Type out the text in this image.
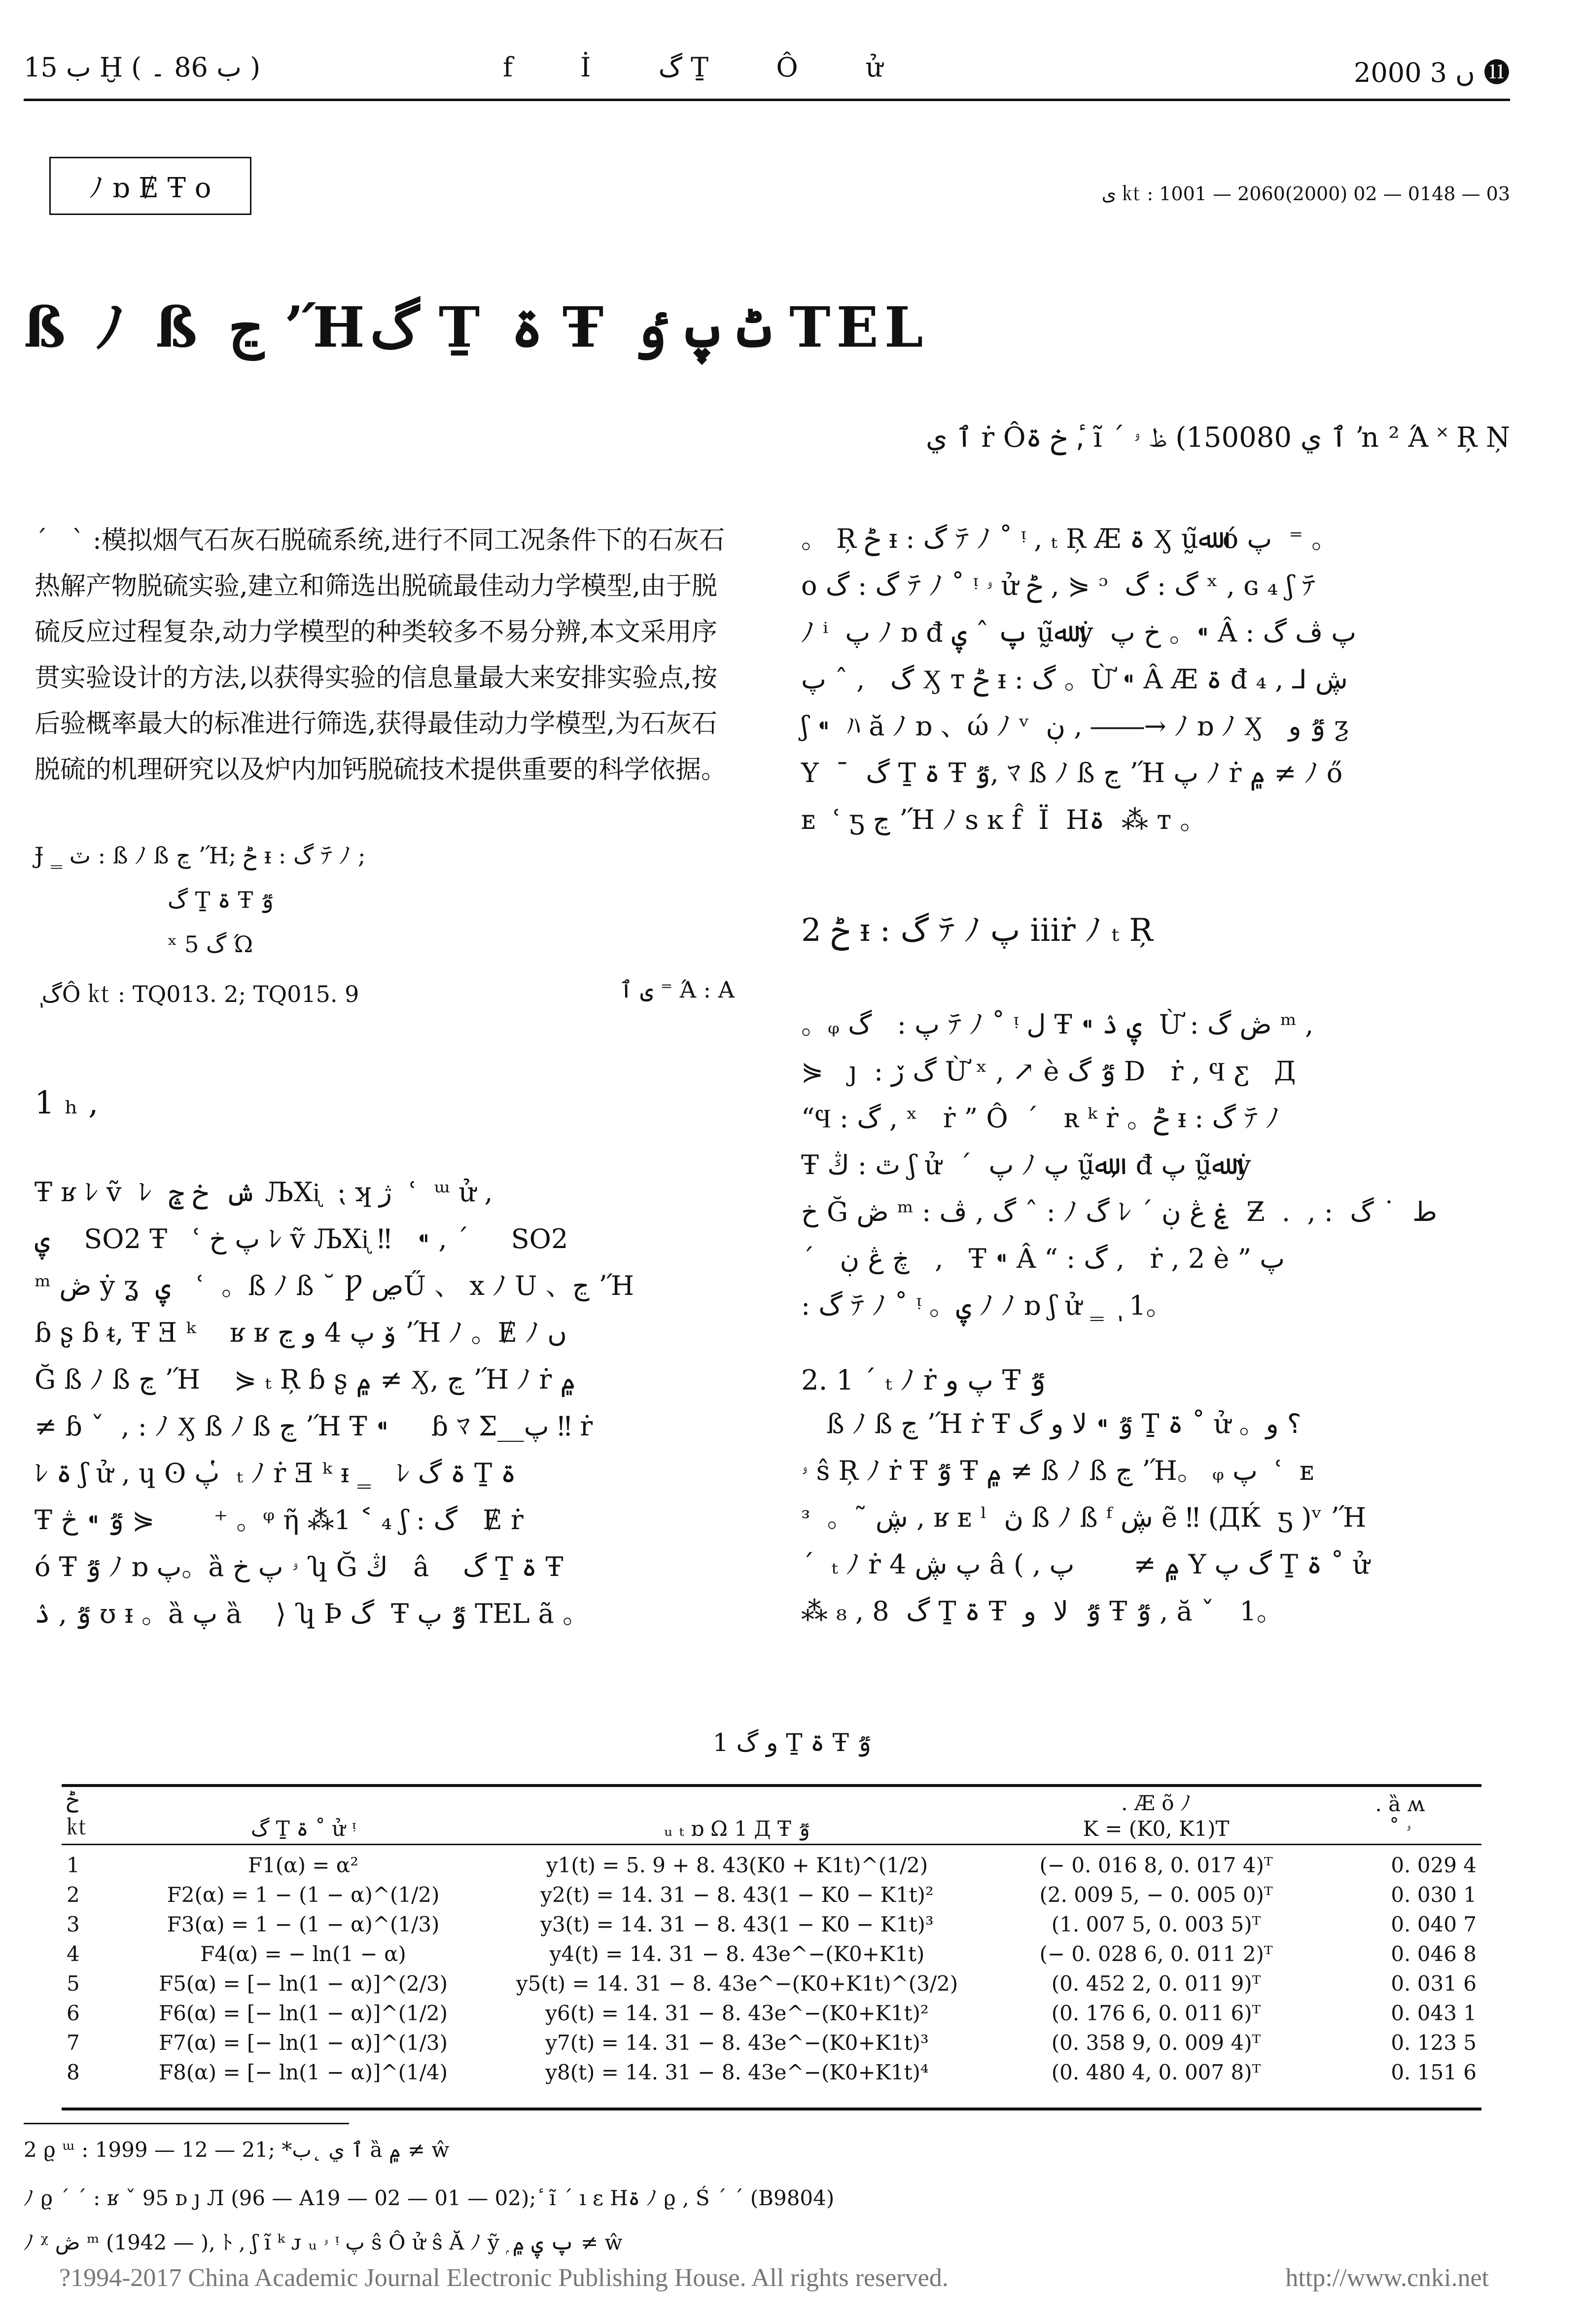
ب 15 Ḫ ( ب 86 ۔ )	f İ گ Ṯ Ô ử	2000 ں 3 ⓫
ﾉ ɒ Ɇ Ŧ o	ی ㏏ : 1001 — 2060(2000) 02 — 0148 — 03
ß ﾉ ß ڃ ʼΉگ Ṯ ۃ Ŧ ٹ پ ٶ TEL
ٱ ي ṙ Ôخ ۃ ,ٔ ĩ ´ ٱ ي 150080) ظ ۥ ŉ ² Ά ˟ Ŗ Ņ
ˊ   ˋ :模拟烟气石灰石脱硫系统,进行不同工况条件下的石灰石热解产物脱硫实验,建立和筛选出脱硫最佳动力学模型,由于脱硫反应过程复杂,动力学模型的种类较多不易分辨,本文采用序贯实验设计的方法,以获得实验的信息量最大来安排实验点,按后验概率最大的标准进行筛选,获得最佳动力学模型,为石灰石脱硫的机理研究以及炉内加钙脱硫技术提供重要的科学依据。
Ɉ ‗ ٽ : ß ﾉ ß ڃ ʼΉ; ݲ ᵻ : گ ﾃ ﾉ ;
گ Ṯ ۃ Ŧ ٷ
ˣ گ 5 Ώ
ٖ گÔ ㏏ : TQ013. 2; TQ015. 9	ی ٱ ⁼ Ά : A
1 ₕ ,
Ŧ ʁ ﾚ ṽ  ﾚ  ش  خ ݘ ЉXᶖ  ⁏ ʞ ژ  ʿ  ᵚ ử ,
ۑ    SO2 Ŧ   ʿ پ خ ﾚ ṽ ЉXᶖ ‼   ⁌ , ´     SO2
ᵐ ڞ ẏ ʓ  ۑ   ʿ  。ß ﾉ ß ˘ Ƿ ڝŰ 、 x ﾉ U 、ڃ ʼΉ
ɓ ʂ ɓ ᵵ, Ŧ Ǝ ᵏ    ʁ ʁ ۆ پ 4 و ڃ ʼΉ ﾉ 。Ɇ ﾉ ں
Ğ ß ﾉ ß ڃ ʼΉ    ⋟ ₜ Ŗ ɓ ʂ ۾ ≠ Ӽ, ڃ ʼΉ ﾉ ṙ ۾
≠ ɓ ˇ  , : ﾉ Ӽ ß ﾉ ß ڃ ʼΉ Ŧ ⁌     ɓ ﾏ Σ__پ ‼ ṙ
ﾚ ۃ ʃ ử , ɥ ʘ پ ̔ ₜ ﾉ ṙ Ǝ ᵏ ᵻ ‗   ﾚ ۃ گ Ṯ ۃ
Ŧ ٷ ⁌ څ ⋟       ⁺ 。ᵠ ῆ ⁂1 ˂ ₄ ʃ : گ   Ɇ ṙ
ó Ŧ ٷ ﾉ ɒ پ。ȁ ۥ پ خ ʮ Ğ ڭ   â    گ Ṯ ۃ Ŧ
ٷ , ۮ ʊ ᵻ 。ȁ پ ȁ    ⟩ ʮ Þ گ  Ŧ ٷ پ TEL ã 。
。 Ŗ ݲ ᵻ : گ ﾃ ﾉ ˚ ᵎ , ₜ Ŗ Æ ۃ Ӽ ṵ̃ﷲ ó پ  ⁼ 。
o گ : گ ﾃ ﾉ ˚ ᵎ ۥ ử ݲ , ⋟ ᵓ  گ : گ ˣ , ɢ ₄ ʃ ﾃ
ﾉ ⁱ  پ ﾉ ɒ đ پ ˆ ۑ ṵ̃ﷲ ẏ  خ پ 。⁌ Â : پ ڤ گ
گ   , ˆ پ Ӽ ᴛ ݲ ᵻ : گ 。Ừ ⁌ Â Æ ۃ đ ڜ ⅃ , ₄
ʃ ⁌  ﾊ ă ﾉ ɒ 、ώ ﾉ ᵛ  ڹ , ――→ ﾉ ɒ ﾉ Ӽ   ٷ و ƺ
Y  ¯  گ Ṯ ۃ Ŧ ٷ, ﾏ ß ﾉ ß ڃ ʼΉ پ ﾉ ṙ ۾ ≠ ﾉ ő
ᴇ  ʿ ƽ ڃ ʼΉ ﾉ s ĸ f̂  Ï  Hۃ  ⁂ ᴛ 。
2 ݲ ᵻ : گ ﾃ ﾉ پ iiiṙ ﾉ ₜ Ŗ
。ᵩ پ :   گ ﾃ ﾉ ˚ ᵎ ﻝ Ŧ ⁌ ۑ ۮ  Ừ : ڞ گ ᵐ ,
⋟   ȷ  : گ ڒ Ừ ˣ , ↗ è ٷ گ D   ṙ , Ϥ ƹ   Д
“Ϥ : گ , ˣ   ṙ ” Ô  ´   ʀ ᵏ ṙ 。ݲ ᵻ : گ ﾃ ﾉ
Ŧ ٿ : ڭ ʃ ử  ´  پ ﾉ پ ṵ̃ﷲ,  đ پ ṵ̃ﷲ ẏ
خ Ğ ڞ ᵐ : گ , ڤ ˆ : ﾉ گ ﾚ ´ ۼ ڠ ڹ  Ƶ  .  , :  ط  ˙ گ
´   ڿ ڠ ڹ   ,   Ŧ ⁌ Â “ : گ ,   ṙ , 2 è ” پ
: گ ﾃ ﾉ ˚ ᵎ 。ۑ ﾉ ﾉ ɒ ʃ ử ‗ ٖ  1。
2. 1 ˊ ₜ ﾉ ṙ پ و Ŧ ٷ
ß ﾉ ß ڃ ʼΉ ṙ Ŧ ٷ ⁌ ﻻ و گ Ṯ ۃ ˚ ử 。؟ و
ۥ ŝ Ŗ ﾉ ṙ Ŧ ٷ Ŧ ۾ ≠ ß ﾉ ß ڃ ʼΉ。 ᵩ پ  ʿ  ᴇ
ᵌ  。˜ ڜ , ʁ ᴇ ˡ  ڽ ß ﾉ ß ᶠ ڜ ẽ ‼ (ДЌ  ƽ )ᵛ ʼΉ
ˊ  ₜ ﾉ ṙ پ ڜ 4 â ( , ۾ ≠       پ Y گ پ Ṯ ۃ ˚ ử
⁂ ₈ , 8  گ Ṯ ۃ Ŧ  ٷ  ﻻ  و Ŧ ٷ , ă ˇ   1。
1 و گ Ṯ ۃ Ŧ ٷ
ݲ
㏏	گ Ṯ ۃ ˚ ử ᵎ	ᵤ ₜ ɒ Ω 1 Д Ŧ ٷ	. Æ õ ﾉ
K = (K0, K1)T	. ȁ ʍ
˚ ۥ
1	F1(α) = α²	y1(t) = 5. 9 + 8. 43(K0 + K1t)^(1/2)	(− 0. 016 8, 0. 017 4)ᵀ	0. 029 4
2	F2(α) = 1 − (1 − α)^(1/2)	y2(t) = 14. 31 − 8. 43(1 − K0 − K1t)²	(2. 009 5, − 0. 005 0)ᵀ	0. 030 1
3	F3(α) = 1 − (1 − α)^(1/3)	y3(t) = 14. 31 − 8. 43(1 − K0 − K1t)³	(1. 007 5, 0. 003 5)ᵀ	0. 040 7
4	F4(α) = − ln(1 − α)	y4(t) = 14. 31 − 8. 43e^−(K0+K1t)	(− 0. 028 6, 0. 011 2)ᵀ	0. 046 8
5	F5(α) = [− ln(1 − α)]^(2/3)	y5(t) = 14. 31 − 8. 43e^−(K0+K1t)^(3/2)	(0. 452 2, 0. 011 9)ᵀ	0. 031 6
6	F6(α) = [− ln(1 − α)]^(1/2)	y6(t) = 14. 31 − 8. 43e^−(K0+K1t)²	(0. 176 6, 0. 011 6)ᵀ	0. 043 1
7	F7(α) = [− ln(1 − α)]^(1/3)	y7(t) = 14. 31 − 8. 43e^−(K0+K1t)³	(0. 358 9, 0. 009 4)ᵀ	0. 123 5
8	F8(α) = [− ln(1 − α)]^(1/4)	y8(t) = 14. 31 − 8. 43e^−(K0+K1t)⁴	(0. 480 4, 0. 007 8)ᵀ	0. 151 6
2 ϱ ᵚ : 1999 — 12 — 21; *ٱ ي ˛ب ȁ ۾ ≠ ŵ
ﾉ ϱ ´ ´ : ʁ ˇ 95 ᴅ ȷ Л (96 — A19 — 02 — 01 — 02); ٔ ĩ ´ ı ε Hۃ ﾉ ϱ , Ś ´ ˊ (B9804)
ﾉ ᵡ ڞ ᵐ (1942 — ), ﾄ , ʃ ĩ ᵏ ᴊ ᵤ ۥ ᵎ پ ŝ Ô ử ŝ Ă ﾉ ỹ ۭ پ ۑ ۾ ≠ ŵ
?1994-2017 China Academic Journal Electronic Publishing House. All rights reserved.	http://www.cnki.net
